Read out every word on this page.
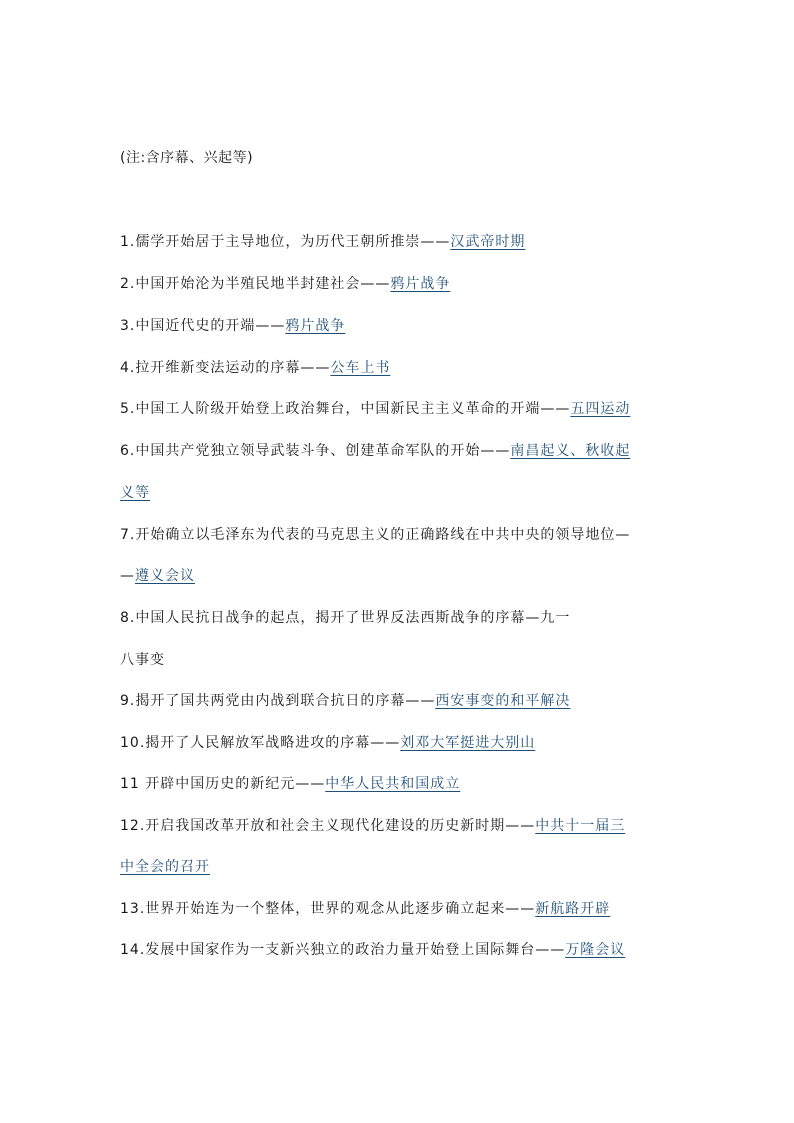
(注:含序幕、兴起等)
1.儒学开始居于主导地位，为历代王朝所推崇——汉武帝时期
2.中国开始沦为半殖民地半封建社会——鸦片战争
3.中国近代史的开端——鸦片战争
4.拉开维新变法运动的序幕——公车上书
5.中国工人阶级开始登上政治舞台，中国新民主主义革命的开端——五四运动
6.中国共产党独立领导武装斗争、创建革命军队的开始——南昌起义、秋收起
义等
7.开始确立以毛泽东为代表的马克思主义的正确路线在中共中央的领导地位—
—遵义会议
8.中国人民抗日战争的起点，揭开了世界反法西斯战争的序幕—九一
八事变
9.揭开了国共两党由内战到联合抗日的序幕——西安事变的和平解决
10.揭开了人民解放军战略进攻的序幕——刘邓大军挺进大别山
11 开辟中国历史的新纪元——中华人民共和国成立
12.开启我国改革开放和社会主义现代化建设的历史新时期——中共十一届三
中全会的召开
13.世界开始连为一个整体，世界的观念从此逐步确立起来——新航路开辟
14.发展中国家作为一支新兴独立的政治力量开始登上国际舞台——万隆会议
